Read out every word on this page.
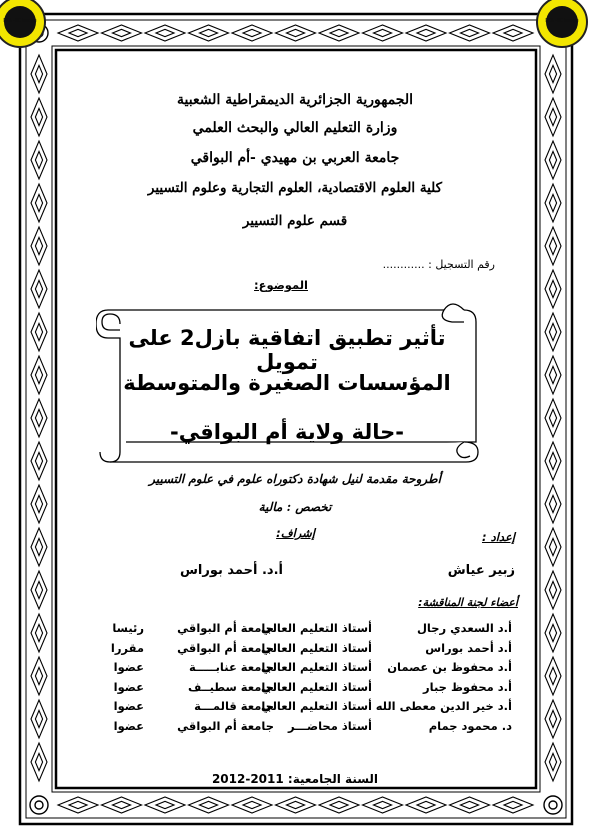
PDF-XChange	PDF-XChange
الجمهورية الجزائرية الديمقراطية الشعبية
وزارة التعليم العالي والبحث العلمي
جامعة العربي بن مهيدي -أم البواقي
كلية العلوم الاقتصادية، العلوم التجارية وعلوم التسيير
قسم علوم التسيير
رقم التسجيل : ............
الموضوع:
تأثير تطبيق اتفاقية بازل2 على تمويل
المؤسسات الصغيرة والمتوسطة
-حالة ولاية أم البواقي-
أطروحة مقدمة لنيل شهادة دكتوراه علوم في علوم التسيير
تخصص : مالية
إعداد :
إشراف:
زبير عياش
أ.د. أحمد بوراس
أعضاء لجنة المناقشة:
أ.د السعدي رجال
أستاذ التعليم العالي
جامعة أم البواقي
رئيسا
أ.د أحمد بوراس
أستاذ التعليم العالي
جامعة أم البواقي
مقررا
أ.د محفوظ بن عصمان
أستاذ التعليم العالي
جامعة عنابـــــة
عضوا
أ.د محفوظ جبار
أستاذ التعليم العالي
جامعة سطيــف
عضوا
أ.د خير الدين معطى الله
أستاذ التعليم العالي
جامعة قالمـــة
عضوا
د. محمود جمام
أستاذ محاضـــر
جامعة أم البواقي
عضوا
السنة الجامعية: 2011-2012
